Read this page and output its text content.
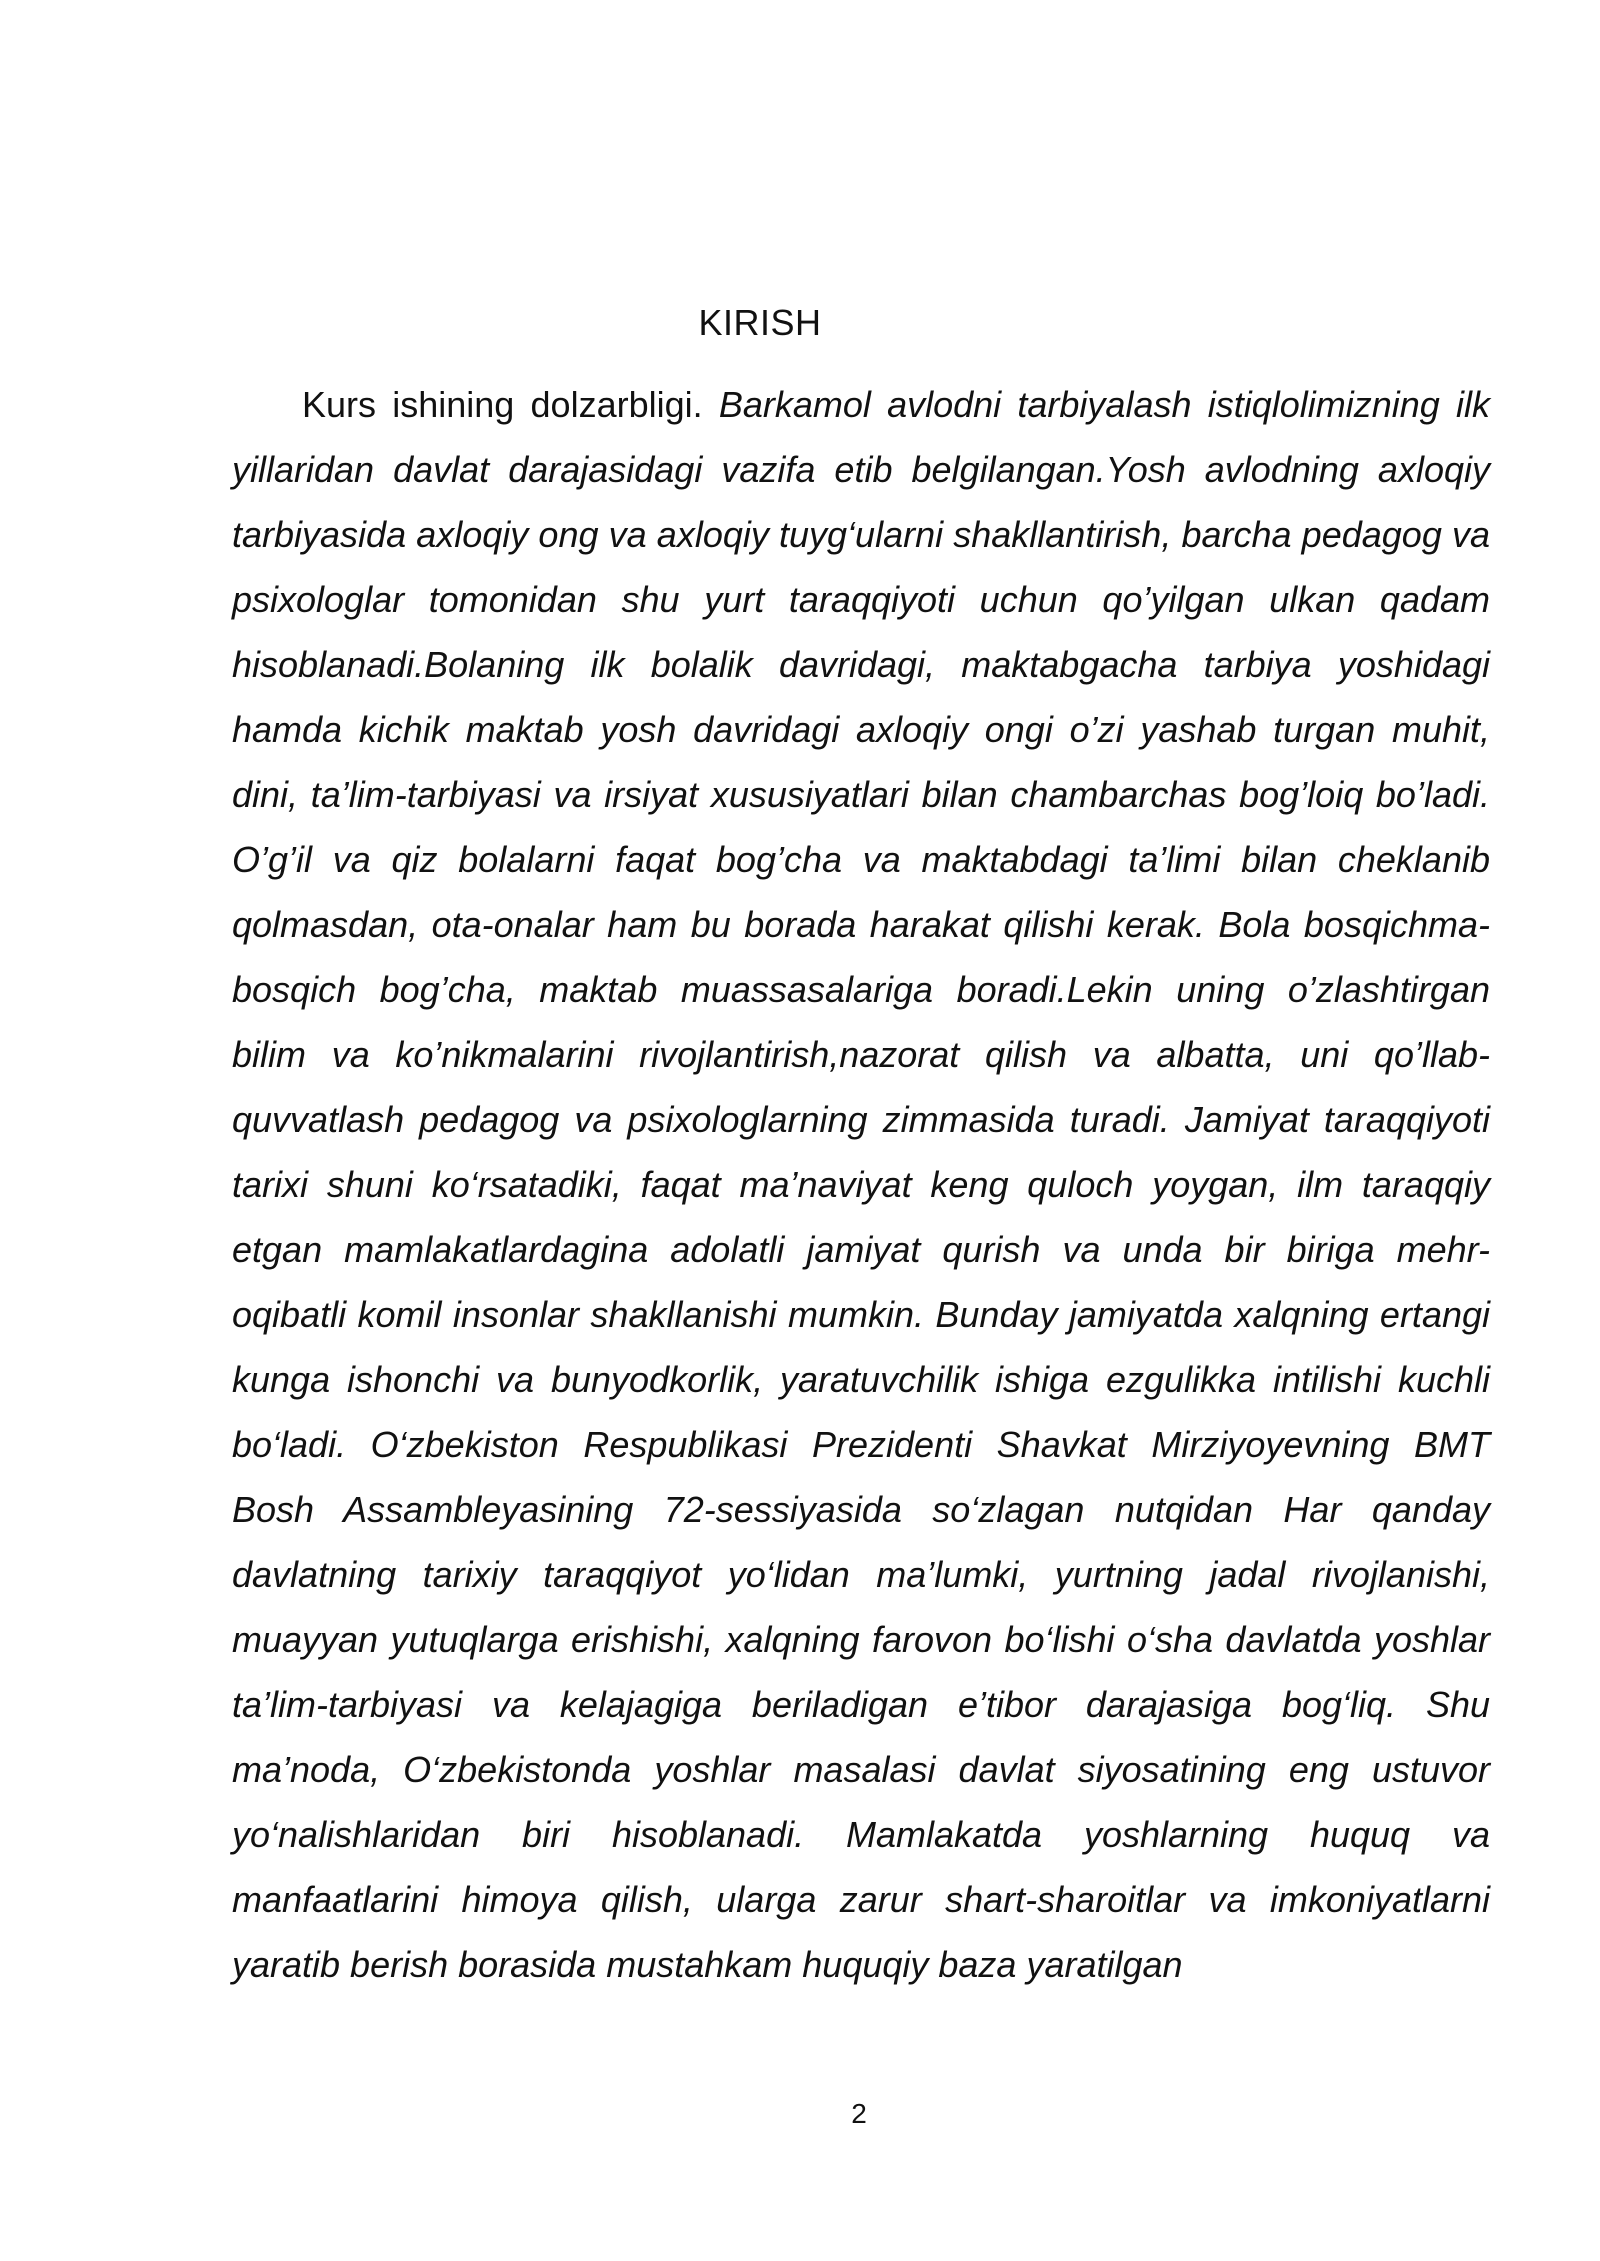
KIRISH

Kurs ishining dolzarbligi. Barkamol avlodni tarbiyalash istiqlolimizning ilk yillaridan davlat darajasidagi vazifa etib belgilangan.Yosh avlodning axloqiy tarbiyasida axloqiy ong va axloqiy tuyg‘ularni shakllantirish, barcha pedagog va psixologlar tomonidan shu yurt taraqqiyoti uchun qo’yilgan ulkan qadam hisoblanadi.Bolaning ilk bolalik davridagi, maktabgacha tarbiya yoshidagi hamda kichik maktab yosh davridagi axloqiy ongi o’zi yashab turgan muhit, dini, ta’lim-tarbiyasi va irsiyat xususiyatlari bilan chambarchas bog’loiq bo’ladi. O’g’il va qiz bolalarni faqat bog’cha va maktabdagi ta’limi bilan cheklanib qolmasdan, ota-onalar ham bu borada harakat qilishi kerak. Bola bosqichma-bosqich bog’cha, maktab muassasalariga boradi.Lekin uning o’zlashtirgan bilim va ko’nikmalarini rivojlantirish,nazorat qilish va albatta, uni qo’llab-quvvatlash pedagog va psixologlarning zimmasida turadi. Jamiyat taraqqiyoti tarixi shuni ko‘rsatadiki, faqat ma’naviyat keng quloch yoygan, ilm taraqqiy etgan mamlakatlardagina adolatli jamiyat qurish va unda bir biriga mehr- oqibatli komil insonlar shakllanishi mumkin. Bunday jamiyatda xalqning ertangi kunga ishonchi va bunyodkorlik, yaratuvchilik ishiga ezgulikka intilishi kuchli bo‘ladi. O‘zbekiston Respublikasi Prezidenti Shavkat Mirziyoyevning BMT Bosh Assambleyasining 72-sessiyasida so‘zlagan nutqidan Har qanday davlatning tarixiy taraqqiyot yo‘lidan ma’lumki, yurtning jadal rivojlanishi, muayyan yutuqlarga erishishi, xalqning farovon bo‘lishi o‘sha davlatda yoshlar ta’lim-tarbiyasi va kelajagiga beriladigan e’tibor darajasiga bog‘liq. Shu ma’noda, O‘zbekistonda yoshlar masalasi davlat siyosatining eng ustuvor yo‘nalishlaridan biri hisoblanadi. Mamlakatda yoshlarning huquq va manfaatlarini himoya qilish, ularga zarur shart-sharoitlar va imkoniyatlarni yaratib berish borasida mustahkam huquqiy baza yaratilgan

2
